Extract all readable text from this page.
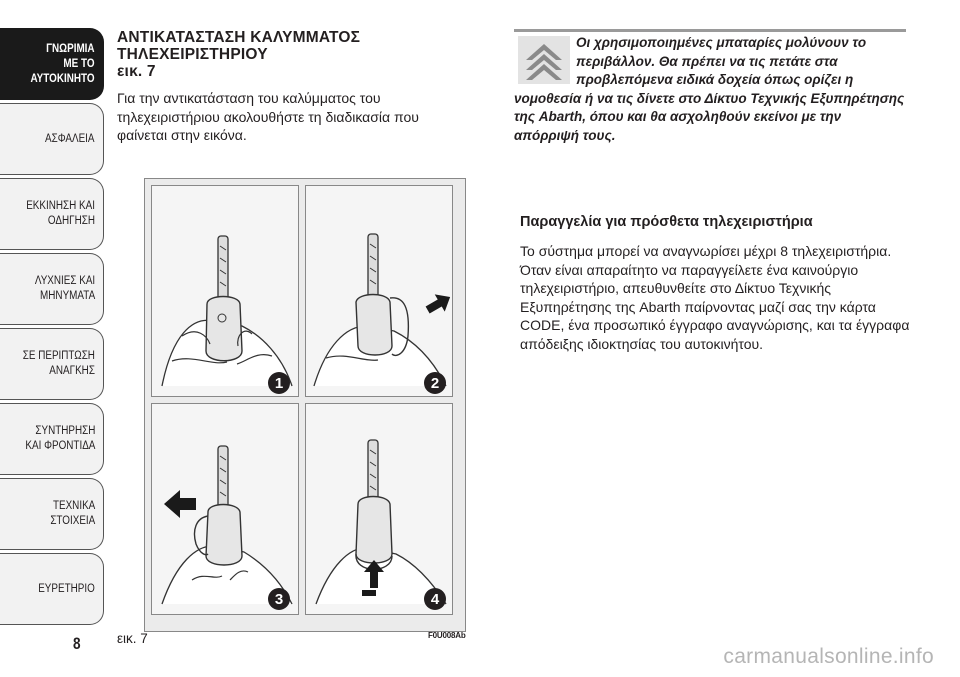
ΓΝΩΡΙΜΙΑ
ΜΕ ΤΟ
ΑΥΤΟΚΙΝΗΤΟ
ΑΣΦΑΛΕΙΑ
ΕΚΚΙΝΗΣΗ ΚΑΙ
ΟΔΗΓΗΣΗ
ΛΥΧΝΙΕΣ ΚΑΙ
ΜΗΝΥΜΑΤΑ
ΣΕ ΠΕΡΙΠΤΩΣΗ
ΑΝΑΓΚΗΣ
ΣΥΝΤΗΡΗΣΗ
ΚΑΙ ΦΡΟΝΤΙΔΑ
ΤΕΧΝΙΚΑ
ΣΤΟΙΧΕΙΑ
ΕΥΡΕΤΗΡΙΟ
8
ΑΝΤΙΚΑΤΑΣΤΑΣΗ ΚΑΛΥΜΜΑΤΟΣ ΤΗΛΕΧΕΙΡΙΣΤΗΡΙΟΥ
εικ. 7

Για την αντικατάσταση του καλύμματος του τηλεχειριστήριου ακολουθήστε τη διαδικασία που φαίνεται στην εικόνα.

1	2
3	4
εικ. 7	F0U008Ab

Οι χρησιμοποιημένες μπαταρίες μολύνουν το περιβάλλον. Θα πρέπει να τις πετάτε στα προβλεπόμενα ειδικά δοχεία όπως ορίζει η νομοθεσία ή να τις δίνετε στο Δίκτυο Τεχνικής Εξυπηρέτησης της Abarth, όπου και θα ασχοληθούν εκείνοι με την απόρριψή τους.

Παραγγελία για πρόσθετα τηλεχειριστήρια

Το σύστημα μπορεί να αναγνωρίσει μέχρι 8 τηλεχειριστήρια. Όταν είναι απαραίτητο να παραγγείλετε ένα καινούργιο τηλεχειριστήριο, απευθυνθείτε στο Δίκτυο Τεχνικής Εξυπηρέτησης της Abarth παίρνοντας μαζί σας την κάρτα CODE, ένα προσωπικό έγγραφο αναγνώρισης, και τα έγγραφα απόδειξης ιδιοκτησίας του αυτοκινήτου.

carmanualsonline.info
